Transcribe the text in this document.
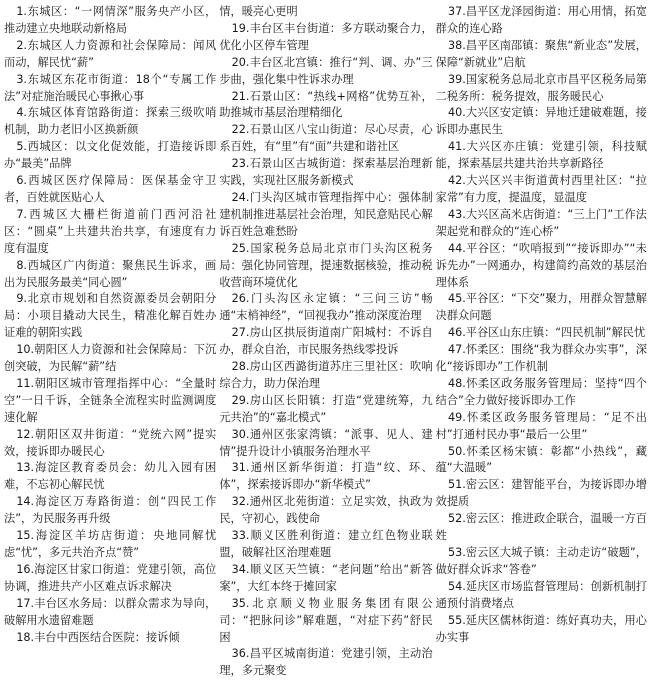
1.东城区：“一网情深”服务央产小区，推动建立央地联动新格局

2.东城区人力资源和社会保障局：闻风而动，解民忧“薪”

3.东城区东花市街道：18个“专属工作法”对症施治暖民心事揪心事

4.东城区体育馆路街道：探索三级吹哨机制，助力老旧小区换新颜

5.西城区：以文化促效能，打造接诉即办“最美”品牌

6.西城区医疗保障局：医保基金守卫者，百姓就医贴心人

7.西城区大栅栏街道前门西河沿社区：“圆桌”上共建共治共享，有速度有力度有温度

8.西城区广内街道：聚焦民生诉求，画出为民服务最美“同心圆”

9.北京市规划和自然资源委员会朝阳分局：小项目撬动大民生，精准化解百姓办证难的朝阳实践

10.朝阳区人力资源和社会保障局：下沉创突破，为民解“薪”结

11.朝阳区城市管理指挥中心：“全量时空”一日千诉，全链条全流程实时监测调度速化解

12.朝阳区双井街道：“党统六网”提实效，接诉即办暖民心

13.海淀区教育委员会：幼儿入园有困难，不忘初心解民忧

14.海淀区万寿路街道：创“四民工作法”，为民服务再升级

15.海淀区羊坊店街道：央地同解忧虑“忧”，多元共治齐点“赞”

16.海淀区甘家口街道：党建引领，高位协调，推进共产小区难点诉求解决

17.丰台区水务局：以群众需求为导向，破解用水遗留难题

18.丰台中西医结合医院：接诉倾

情，暖亮心更明

19.丰台区丰台街道：多方联动聚合力，优化小区停车管理

20.丰台区北宫镇：推行“判、调、办”三步曲，强化集中性诉求办理

21.石景山区：“热线+网格”优势互补，助推城市基层治理精细化

22.石景山区八宝山街道：尽心尽责，心系百姓，有“里”有“面”共建和谐社区

23.石景山区古城街道：探索基层治理新实践，实现社区服务新模式

24.门头沟区城市管理指挥中心：强体制建机制推进基层社会治理，知民意贴民心解诉百姓急难愁盼

25.国家税务总局北京市门头沟区税务局：强化协同管理，提速数据核验，推动税收营商环境优化

26.门头沟区永定镇：“三问三访”畅通“末梢神经”，“回视我办”推动深度治理

27.房山区拱辰街道南广阳城村：不诉自办，群众自治，市民服务热线零投诉

28.房山区西潞街道苏庄三里社区：吹响综合力，助力保治理

29.房山区长阳镇：打造“党建统筹，九元共治”的“嘉北模式”

30.通州区张家湾镇：“派事、见人、建情”提升设计小镇服务治理水平

31.通州区新华街道：打造“纹、环、体”，探索接诉即办“新华模式”

32.通州区北苑街道：立足实效，执政为民，守初心，践使命

33.顺义区胜利街道：建立红色物业联盟，破解社区治理难题

34.顺义区天竺镇：“老问题”给出“新答案”，大红本终于摊回家

35.北京顺义物业服务集团有限公司：“把脉问诊”解难题，“对症下药”舒民困

36.昌平区城南街道：党建引领，主动治理，多元聚变

37.昌平区龙泽园街道：用心用情，拓宽群众的连心路

38.昌平区南邵镇：聚焦“新业态”发展，保障“新就业”启航

39.国家税务总局北京市昌平区税务局第二税务所：税务提效，服务暖民心

40.大兴区安定镇：异地迁建破难题，接诉即办惠民生

41.大兴区亦庄镇：党建引领，科技赋能，探索基层共建共治共享新路径

42.大兴区兴丰街道黄村西里社区：“拉家常”有力度，提温度，显温度

43.大兴区高米店街道：“三上门”工作法架起党和群众的“连心桥”

44.平谷区：“吹哨报到”“接诉即办”“未诉先办”一网通办，构建简约高效的基层治理体系

45.平谷区：“下交”聚力，用群众智慧解决群众问题

46.平谷区山东庄镇：“四民机制”解民忧

47.怀柔区：围绕“我为群众办实事”，深化“接诉即办”工作机制

48.怀柔区政务服务管理局：坚持“四个结合”全力做好接诉即办工作

49.怀柔区政务服务管理局：“足不出村”打通村民办事“最后一公里”

50.怀柔区杨宋镇：彰都“小热线”，藏蕴“大温暖”

51.密云区：建智能平台，为接诉即办增效提质

52.密云区：推进政企联合，温暖一方百姓

53.密云区大城子镇：主动走访“破题”，做好群众诉求“答卷”

54.延庆区市场监督管理局：创新机制打通预付消费堵点

55.延庆区儒林街道：练好真功夫，用心办实事
